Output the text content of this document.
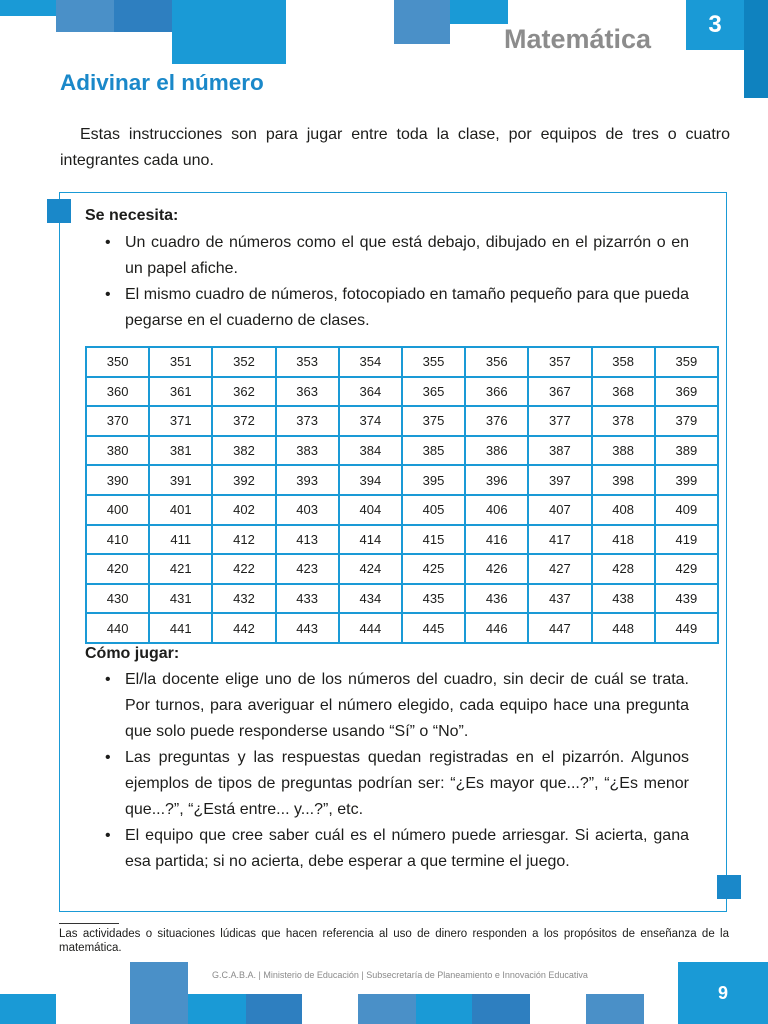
Matemática	3
Adivinar el número

Estas instrucciones son para jugar entre toda la clase, por equipos de tres o cuatro integrantes cada uno.

Se necesita:
• Un cuadro de números como el que está debajo, dibujado en el pizarrón o en un papel afiche.
• El mismo cuadro de números, fotocopiado en tamaño pequeño para que pueda pegarse en el cuaderno de clases.
350	351	352	353	354	355	356	357	358	359
360	361	362	363	364	365	366	367	368	369
370	371	372	373	374	375	376	377	378	379
380	381	382	383	384	385	386	387	388	389
390	391	392	393	394	395	396	397	398	399
400	401	402	403	404	405	406	407	408	409
410	411	412	413	414	415	416	417	418	419
420	421	422	423	424	425	426	427	428	429
430	431	432	433	434	435	436	437	438	439
440	441	442	443	444	445	446	447	448	449
Cómo jugar:
• El/la docente elige uno de los números del cuadro, sin decir de cuál se trata. Por turnos, para averiguar el número elegido, cada equipo hace una pregunta que solo puede responderse usando “Sí” o “No”.
• Las preguntas y las respuestas quedan registradas en el pizarrón. Algunos ejemplos de tipos de preguntas podrían ser: “¿Es mayor que...?”, “¿Es menor que...?”, “¿Está entre... y...?”, etc.
• El equipo que cree saber cuál es el número puede arriesgar. Si acierta, gana esa partida; si no acierta, debe esperar a que termine el juego.

Las actividades o situaciones lúdicas que hacen referencia al uso de dinero responden a los propósitos de enseñanza de la matemática.

G.C.A.B.A. | Ministerio de Educación | Subsecretaría de Planeamiento e Innovación Educativa
9
